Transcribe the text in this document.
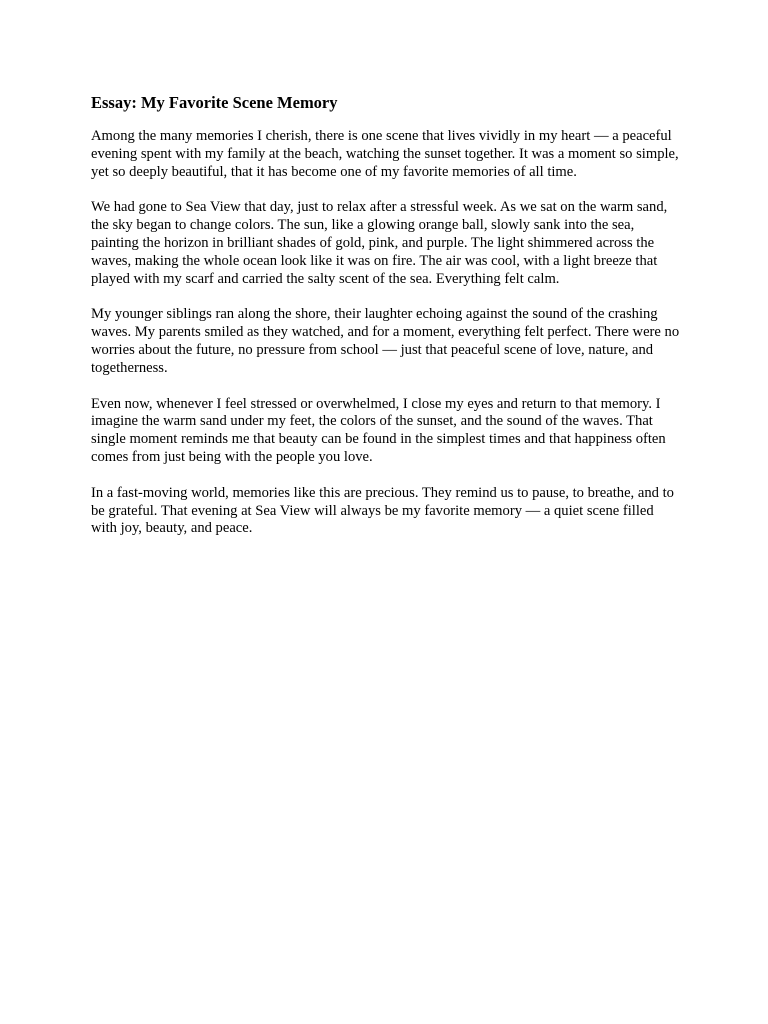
Essay: My Favorite Scene Memory

Among the many memories I cherish, there is one scene that lives vividly in my heart — a peaceful evening spent with my family at the beach, watching the sunset together. It was a moment so simple, yet so deeply beautiful, that it has become one of my favorite memories of all time.

We had gone to Sea View that day, just to relax after a stressful week. As we sat on the warm sand, the sky began to change colors. The sun, like a glowing orange ball, slowly sank into the sea, painting the horizon in brilliant shades of gold, pink, and purple. The light shimmered across the waves, making the whole ocean look like it was on fire. The air was cool, with a light breeze that played with my scarf and carried the salty scent of the sea. Everything felt calm.

My younger siblings ran along the shore, their laughter echoing against the sound of the crashing waves. My parents smiled as they watched, and for a moment, everything felt perfect. There were no worries about the future, no pressure from school — just that peaceful scene of love, nature, and togetherness.

Even now, whenever I feel stressed or overwhelmed, I close my eyes and return to that memory. I imagine the warm sand under my feet, the colors of the sunset, and the sound of the waves. That single moment reminds me that beauty can be found in the simplest times and that happiness often comes from just being with the people you love.

In a fast-moving world, memories like this are precious. They remind us to pause, to breathe, and to be grateful. That evening at Sea View will always be my favorite memory — a quiet scene filled with joy, beauty, and peace.
